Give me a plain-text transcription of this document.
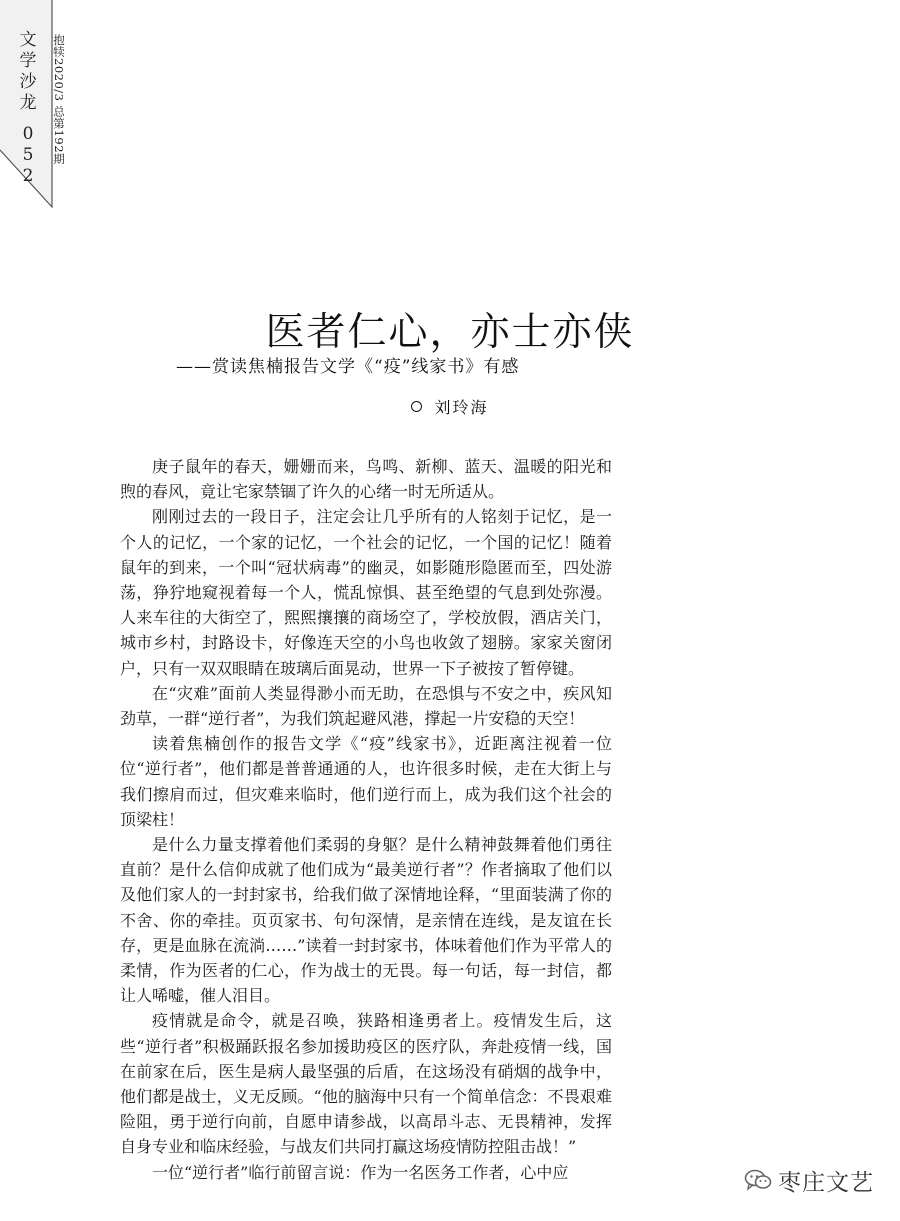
文
学
沙
龙
0
5
2
抱犊2020/3 总第192期
医者仁心，亦士亦侠
——赏读焦楠报告文学《“疫”线家书》有感
刘玲海

庚子鼠年的春天，姗姗而来，鸟鸣、新柳、蓝天、温暖的阳光和煦的春风，竟让宅家禁锢了许久的心绪一时无所适从。

刚刚过去的一段日子，注定会让几乎所有的人铭刻于记忆，是一个人的记忆，一个家的记忆，一个社会的记忆，一个国的记忆！随着鼠年的到来，一个叫“冠状病毒”的幽灵，如影随形隐匿而至，四处游荡，狰狞地窥视着每一个人，慌乱惊惧、甚至绝望的气息到处弥漫。人来车往的大街空了，熙熙攘攘的商场空了，学校放假，酒店关门，城市乡村，封路设卡，好像连天空的小鸟也收敛了翅膀。家家关窗闭户，只有一双双眼睛在玻璃后面晃动，世界一下子被按了暂停键。

在“灾难”面前人类显得渺小而无助，在恐惧与不安之中，疾风知劲草，一群“逆行者”，为我们筑起避风港，撑起一片安稳的天空！

读着焦楠创作的报告文学《“疫”线家书》，近距离注视着一位位“逆行者”，他们都是普普通通的人，也许很多时候，走在大街上与我们擦肩而过，但灾难来临时，他们逆行而上，成为我们这个社会的顶梁柱！

是什么力量支撑着他们柔弱的身躯？是什么精神鼓舞着他们勇往直前？是什么信仰成就了他们成为“最美逆行者”？作者摘取了他们以及他们家人的一封封家书，给我们做了深情地诠释，“里面装满了你的不舍、你的牵挂。页页家书、句句深情，是亲情在连线，是友谊在长存，更是血脉在流淌……”读着一封封家书，体味着他们作为平常人的柔情，作为医者的仁心，作为战士的无畏。每一句话，每一封信，都让人唏嘘，催人泪目。

疫情就是命令，就是召唤，狭路相逢勇者上。疫情发生后，这些“逆行者”积极踊跃报名参加援助疫区的医疗队，奔赴疫情一线，国在前家在后，医生是病人最坚强的后盾，在这场没有硝烟的战争中，他们都是战士，义无反顾。“他的脑海中只有一个简单信念：不畏艰难险阻，勇于逆行向前，自愿申请参战，以高昂斗志、无畏精神，发挥自身专业和临床经验，与战友们共同打赢这场疫情防控阻击战！”

一位“逆行者”临行前留言说：作为一名医务工作者，心中应	枣庄文艺
